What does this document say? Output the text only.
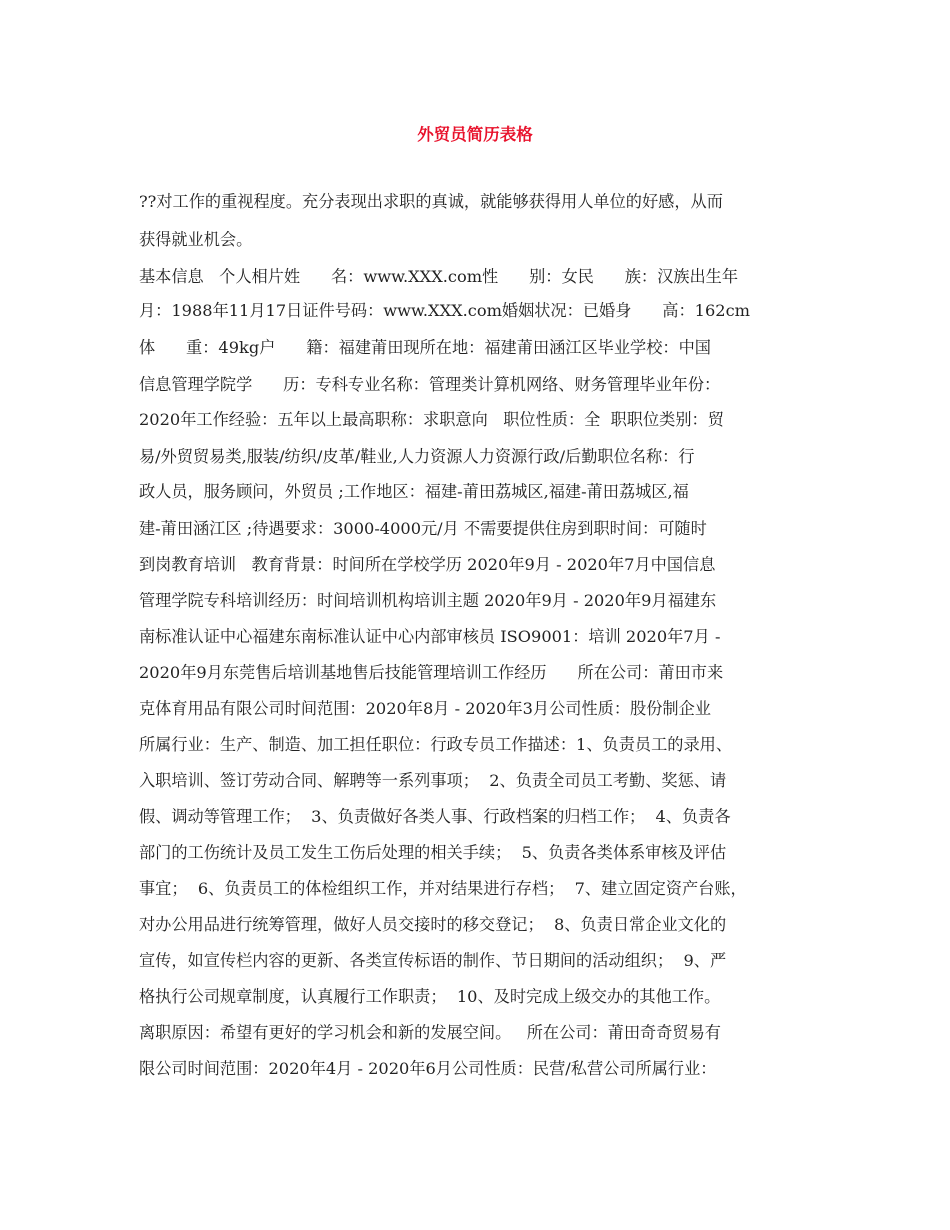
外贸员简历表格
??对工作的重视程度。充分表现出求职的真诚，就能够获得用人单位的好感，从而
获得就业机会。
基本信息   个人相片姓      名：www.XXX.com性      别：女民      族：汉族出生年
月：1988年11月17日证件号码：www.XXX.com婚姻状况：已婚身      高：162cm
体      重：49kg户      籍：福建莆田现所在地：福建莆田涵江区毕业学校：中国
信息管理学院学      历：专科专业名称：管理类计算机网络、财务管理毕业年份：
2020年工作经验：五年以上最高职称：求职意向   职位性质：全  职职位类别：贸
易/外贸贸易类,服装/纺织/皮革/鞋业,人力资源人力资源行政/后勤职位名称：行
政人员，服务顾问，外贸员 ;工作地区：福建-莆田荔城区,福建-莆田荔城区,福
建-莆田涵江区 ;待遇要求：3000-4000元/月 不需要提供住房到职时间：可随时
到岗教育培训   教育背景：时间所在学校学历 2020年9月 - 2020年7月中国信息
管理学院专科培训经历：时间培训机构培训主题 2020年9月 - 2020年9月福建东
南标准认证中心福建东南标准认证中心内部审核员 ISO9001：培训 2020年7月 -
2020年9月东莞售后培训基地售后技能管理培训工作经历      所在公司：莆田市来
克体育用品有限公司时间范围：2020年8月 - 2020年3月公司性质：股份制企业
所属行业：生产、制造、加工担任职位：行政专员工作描述：1、负责员工的录用、
入职培训、签订劳动合同、解聘等一系列事项；  2、负责全司员工考勤、奖惩、请
假、调动等管理工作；  3、负责做好各类人事、行政档案的归档工作；  4、负责各
部门的工伤统计及员工发生工伤后处理的相关手续；  5、负责各类体系审核及评估
事宜；  6、负责员工的体检组织工作，并对结果进行存档；  7、建立固定资产台账，
对办公用品进行统筹管理，做好人员交接时的移交登记；  8、负责日常企业文化的
宣传，如宣传栏内容的更新、各类宣传标语的制作、节日期间的活动组织；  9、严
格执行公司规章制度，认真履行工作职责；  10、及时完成上级交办的其他工作。
离职原因：希望有更好的学习机会和新的发展空间。   所在公司：莆田奇奇贸易有
限公司时间范围：2020年4月 - 2020年6月公司性质：民营/私营公司所属行业：
